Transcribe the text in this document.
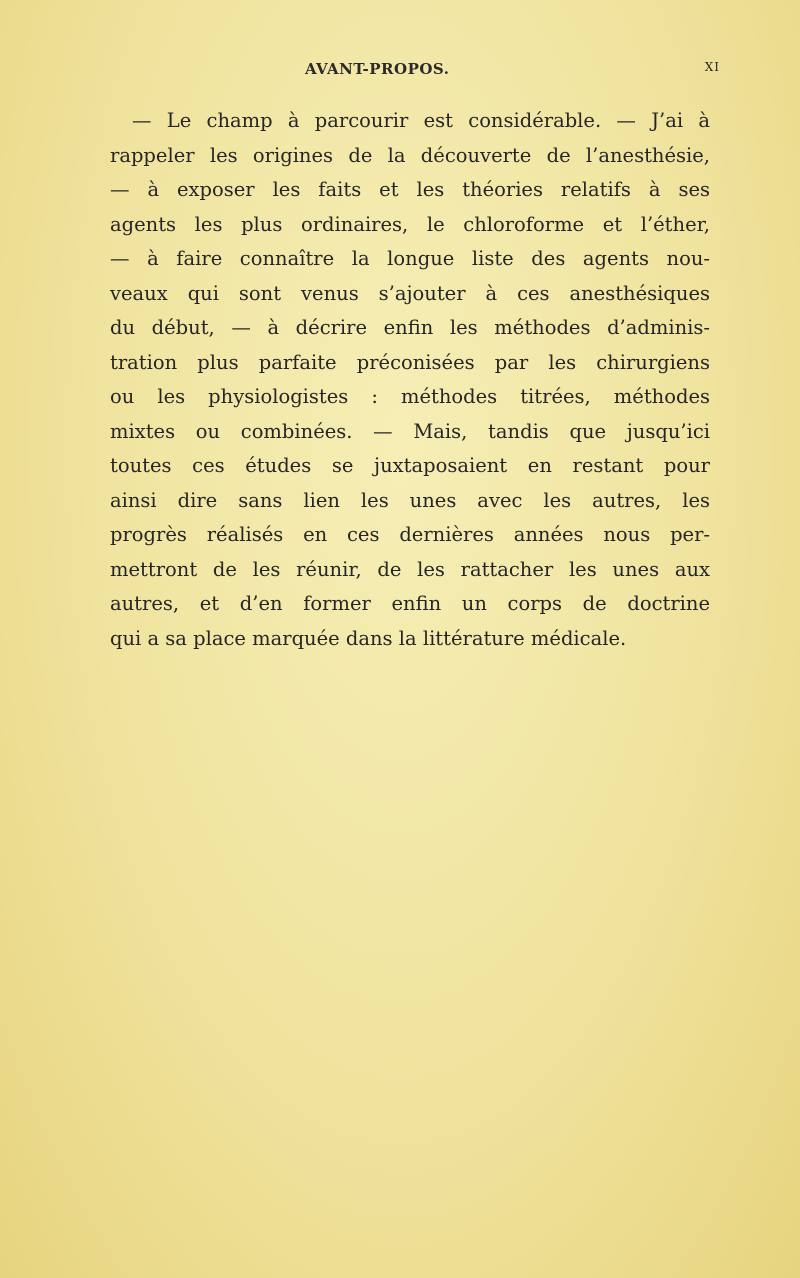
AVANT-PROPOS.	XI
— Le champ à parcourir est considérable. — J’ai à
rappeler les origines de la découverte de l’anesthésie,
— à exposer les faits et les théories relatifs à ses
agents les plus ordinaires, le chloroforme et l’éther,
— à faire connaître la longue liste des agents nou-
veaux qui sont venus s’ajouter à ces anesthésiques
du début, — à décrire enfin les méthodes d’adminis-
tration plus parfaite préconisées par les chirurgiens
ou les physiologistes : méthodes titrées, méthodes
mixtes ou combinées. — Mais, tandis que jusqu’ici
toutes ces études se juxtaposaient en restant pour
ainsi dire sans lien les unes avec les autres, les
progrès réalisés en ces dernières années nous per-
mettront de les réunir, de les rattacher les unes aux
autres, et d’en former enfin un corps de doctrine
qui a sa place marquée dans la littérature médicale.
